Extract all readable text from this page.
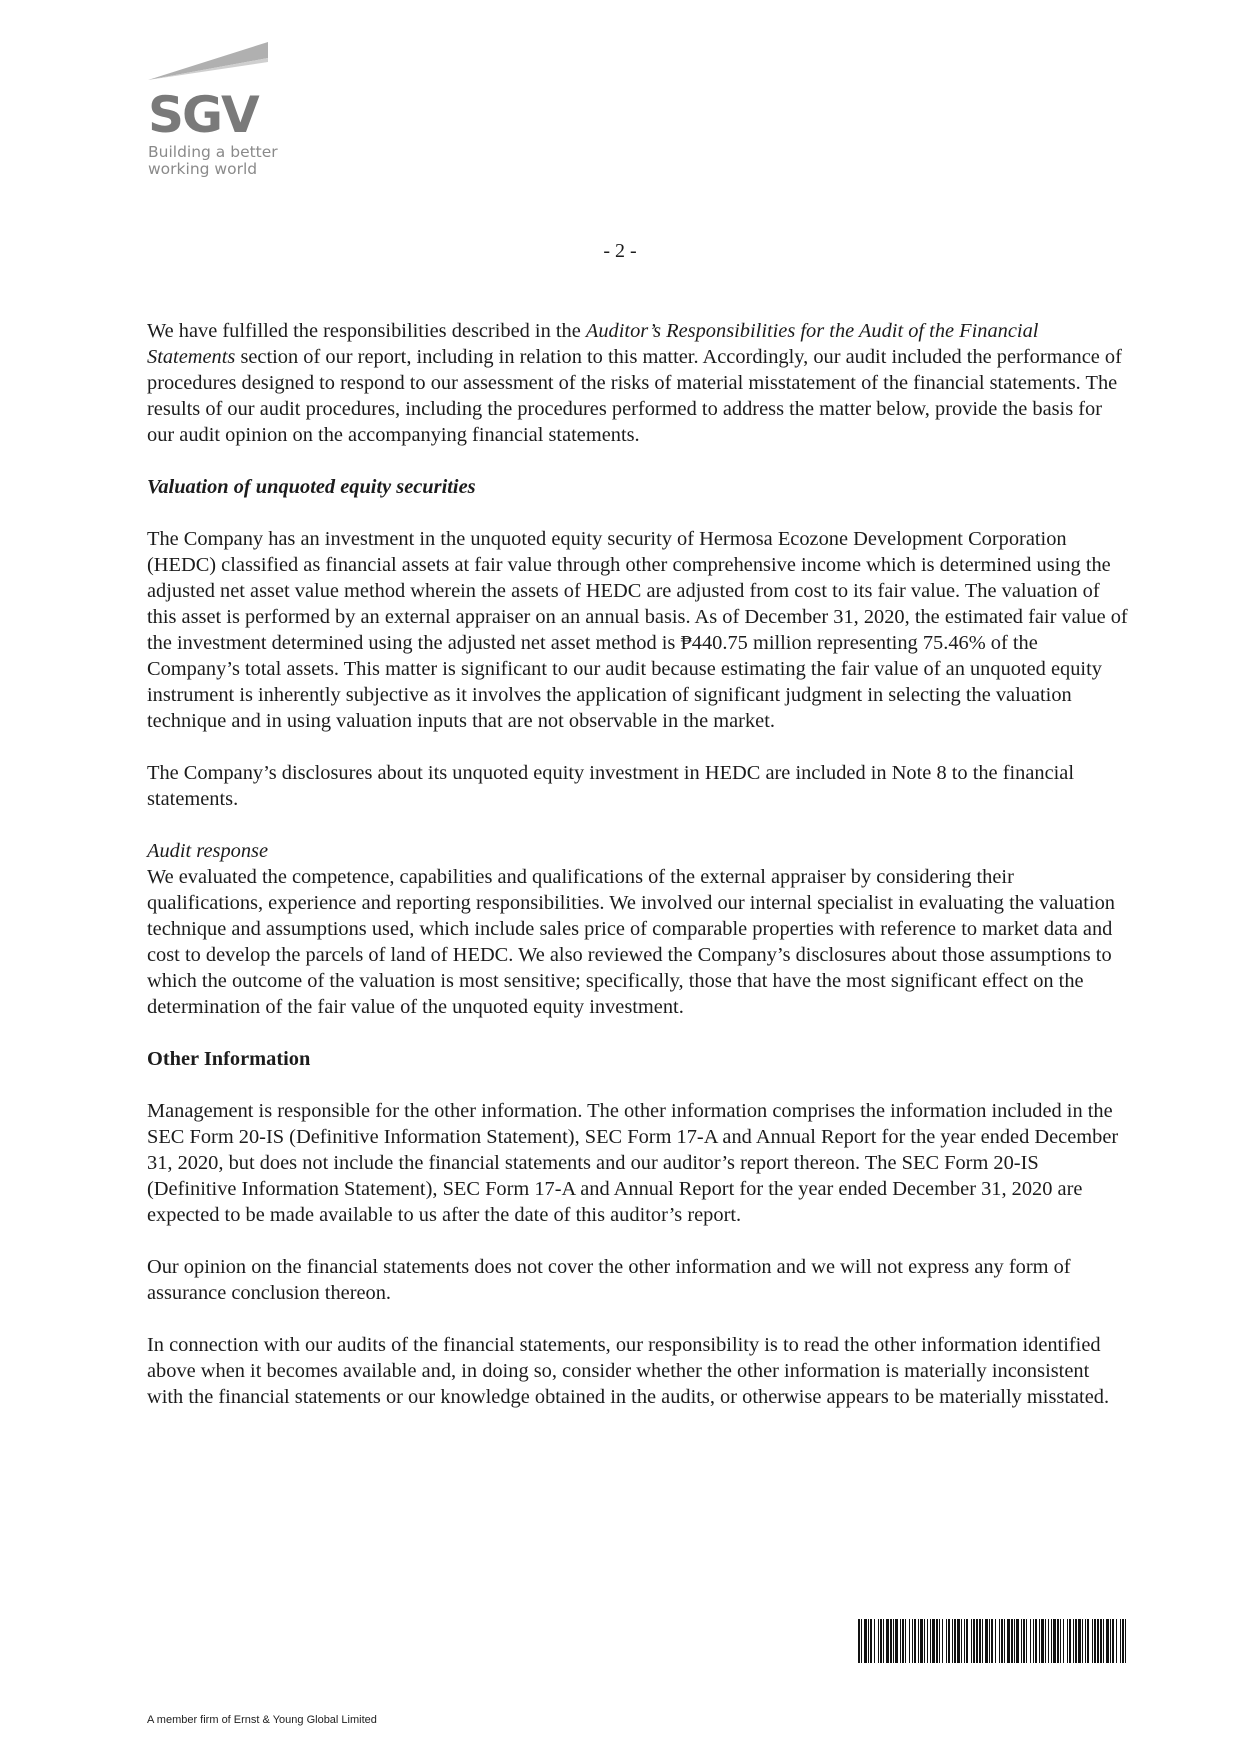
SGV
Building a better
working world
- 2 -

We have fulfilled the responsibilities described in the Auditor’s Responsibilities for the Audit of the Financial Statements section of our report, including in relation to this matter. Accordingly, our audit included the performance of procedures designed to respond to our assessment of the risks of material misstatement of the financial statements. The results of our audit procedures, including the procedures performed to address the matter below, provide the basis for our audit opinion on the accompanying financial statements.

Valuation of unquoted equity securities

The Company has an investment in the unquoted equity security of Hermosa Ecozone Development Corporation (HEDC) classified as financial assets at fair value through other comprehensive income which is determined using the adjusted net asset value method wherein the assets of HEDC are adjusted from cost to its fair value. The valuation of this asset is performed by an external appraiser on an annual basis. As of December 31, 2020, the estimated fair value of the investment determined using the adjusted net asset method is ₱440.75 million representing 75.46% of the Company’s total assets. This matter is significant to our audit because estimating the fair value of an unquoted equity instrument is inherently subjective as it involves the application of significant judgment in selecting the valuation technique and in using valuation inputs that are not observable in the market.

The Company’s disclosures about its unquoted equity investment in HEDC are included in Note 8 to the financial statements.

Audit response

We evaluated the competence, capabilities and qualifications of the external appraiser by considering their qualifications, experience and reporting responsibilities. We involved our internal specialist in evaluating the valuation technique and assumptions used, which include sales price of comparable properties with reference to market data and cost to develop the parcels of land of HEDC. We also reviewed the Company’s disclosures about those assumptions to which the outcome of the valuation is most sensitive; specifically, those that have the most significant effect on the determination of the fair value of the unquoted equity investment.

Other Information

Management is responsible for the other information. The other information comprises the information included in the SEC Form 20-IS (Definitive Information Statement), SEC Form 17-A and Annual Report for the year ended December 31, 2020, but does not include the financial statements and our auditor’s report thereon. The SEC Form 20-IS (Definitive Information Statement), SEC Form 17-A and Annual Report for the year ended December 31, 2020 are expected to be made available to us after the date of this auditor’s report.

Our opinion on the financial statements does not cover the other information and we will not express any form of assurance conclusion thereon.

In connection with our audits of the financial statements, our responsibility is to read the other information identified above when it becomes available and, in doing so, consider whether the other information is materially inconsistent with the financial statements or our knowledge obtained in the audits, or otherwise appears to be materially misstated.

A member firm of Ernst & Young Global Limited
